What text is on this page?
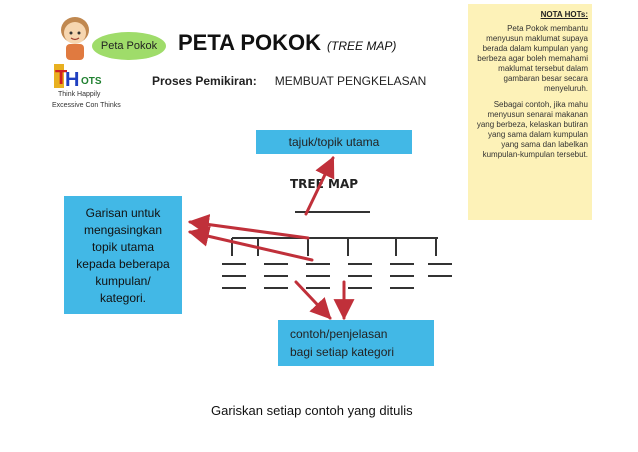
Peta Pokok
T
H OTS
Think Happily
Excessive Con Thinks
PETA POKOK (TREE MAP)
Proses Pemikiran: MEMBUAT PENGKELASAN
NOTA HOTs:

Peta Pokok membantu menyusun maklumat supaya berada dalam kumpulan yang berbeza agar boleh memahami maklumat tersebut dalam gambaran besar secara menyeluruh.

Sebagai contoh, jika mahu menyusun senarai makanan yang berbeza, kelaskan butiran yang sama dalam kumpulan yang sama dan labelkan kumpulan-kumpulan tersebut.

TREE MAP
tajuk/topik utama
Garisan untuk
mengasingkan
topik utama
kepada beberapa
kumpulan/
kategori.
contoh/penjelasan
bagi setiap kategori
Gariskan setiap contoh yang ditulis
